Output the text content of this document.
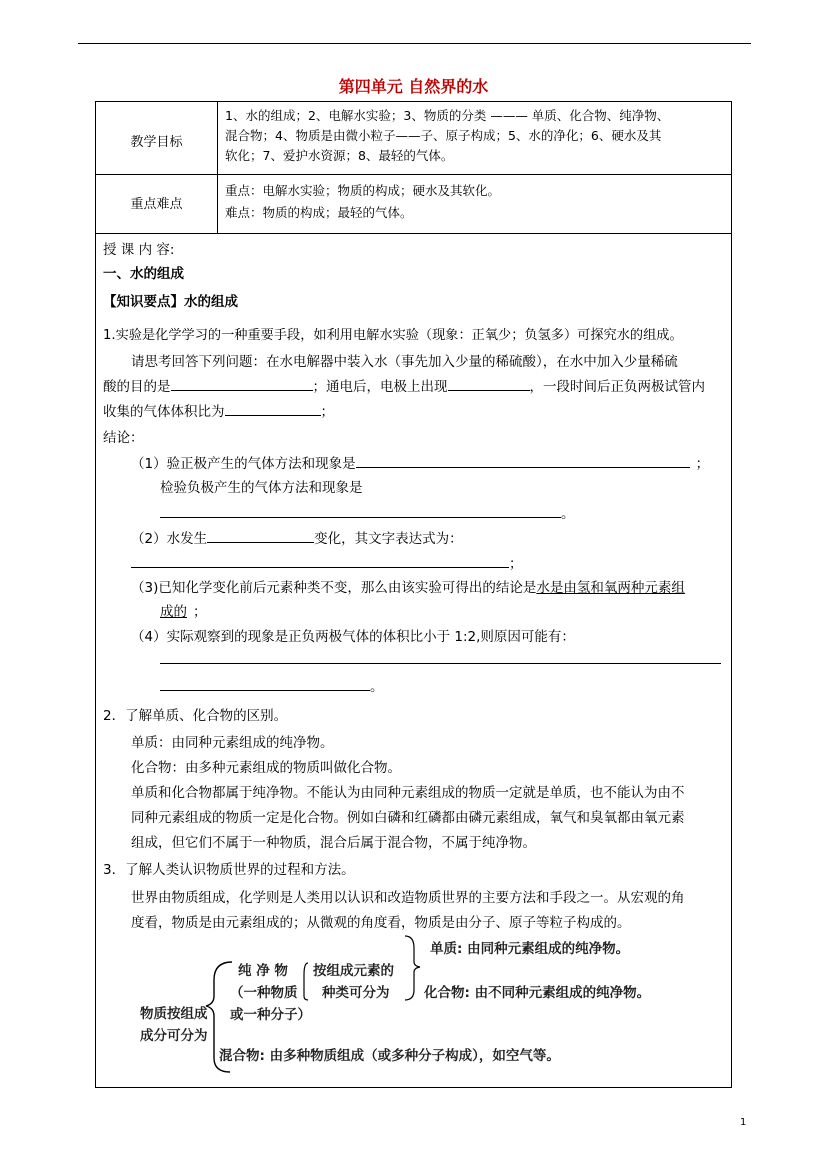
第四单元 自然界的水
教学目标
1、水的组成；2、电解水实验；3、物质的分类 ——— 单质、化合物、纯净物、
混合物；4、物质是由微小粒子——子、原子构成；5、水的净化；6、硬水及其
软化；7、爱护水资源；8、最轻的气体。
重点难点
重点：电解水实验；物质的构成；硬水及其软化。
难点：物质的构成；最轻的气体。
授 课 内 容:
一、水的组成
【知识要点】水的组成
1.实验是化学学习的一种重要手段，如利用电解水实验（现象：正氧少；负氢多）可探究水的组成。
请思考回答下列问题：在水电解器中装入水（事先加入少量的稀硫酸），在水中加入少量稀硫
酸的目的是	；通电后，电极上出现	，一段时间后正负两极试管内
收集的气体体积比为	；
结论：
（1）验正极产生的气体方法和现象是	；
检验负极产生的气体方法和现象是
。
（2）水发生	变化，其文字表达式为：
；
（3)已知化学变化前后元素种类不变，那么由该实验可得出的结论是水是由氢和氧两种元素组
成的 ；
（4）实际观察到的现象是正负两极气体的体积比小于 1:2,则原因可能有：
。
2．了解单质、化合物的区别。
单质：由同种元素组成的纯净物。
化合物：由多种元素组成的物质叫做化合物。
单质和化合物都属于纯净物。不能认为由同种元素组成的物质一定就是单质，也不能认为由不
同种元素组成的物质一定是化合物。例如白磷和红磷都由磷元素组成，氧气和臭氧都由氧元素
组成，但它们不属于一种物质，混合后属于混合物，不属于纯净物。
3．了解人类认识物质世界的过程和方法。
世界由物质组成，化学则是人类用以认识和改造物质世界的主要方法和手段之一。从宏观的角
度看，物质是由元素组成的；从微观的角度看，物质是由分子、原子等粒子构成的。
物质按组成
成分可分为
纯 净 物
（一种物质
或一种分子）
按组成元素的
种类可分为
单质: 由同种元素组成的纯净物。
化合物: 由不同种元素组成的纯净物。
混合物: 由多种物质组成（或多种分子构成），如空气等。
1
